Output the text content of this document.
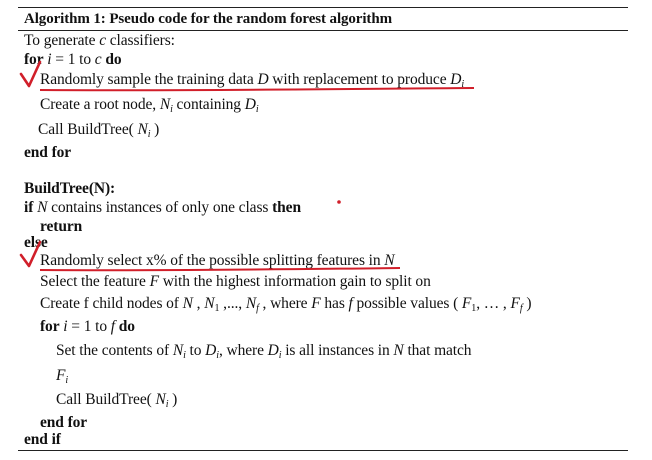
Algorithm 1: Pseudo code for the random forest algorithm
To generate c classifiers:
for i = 1 to c do
Randomly sample the training data D with replacement to produce $D_i$
Create a root node, $N_i$ containing $D_i$
Call BuildTree( $N_i$ )
end for
BuildTree(N):
if N contains instances of only one class then
return
else
Randomly select x% of the possible splitting features in N
Select the feature F with the highest information gain to split on
Create f child nodes of N , $N_1$ ,..., $N_f$ , where F has f possible values ( $F_1$, … , $F_f$ )
for i = 1 to f do
Set the contents of $N_i$ to $D_i$, where $D_i$ is all instances in N that match
$F_i$
Call BuildTree( $N_i$ )
end for
end if
